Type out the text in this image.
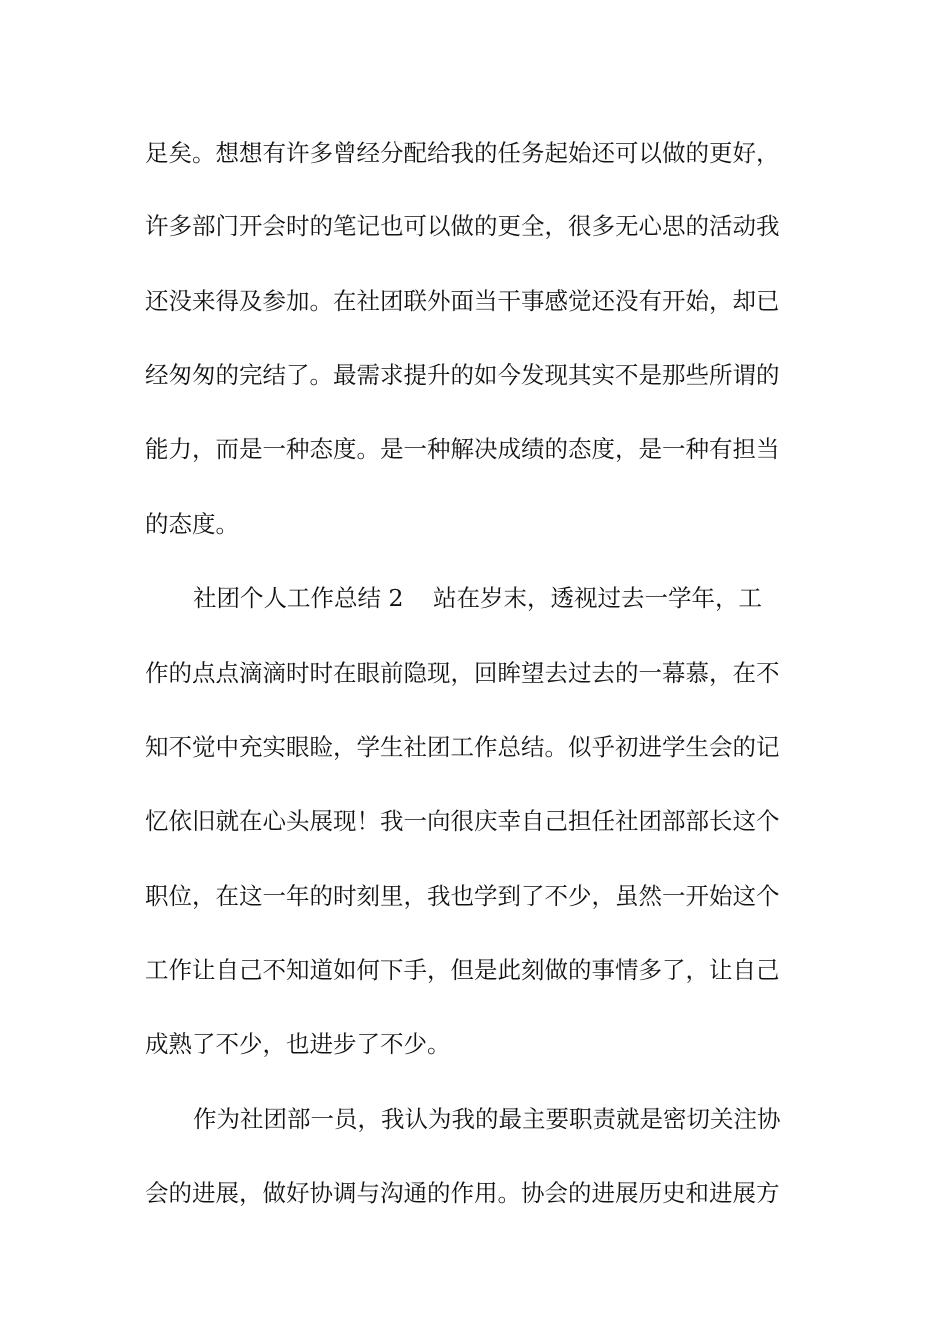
足矣。想想有许多曾经分配给我的任务起始还可以做的更好，
许多部门开会时的笔记也可以做的更全，很多无心思的活动我
还没来得及参加。在社团联外面当干事感觉还没有开始，却已
经匆匆的完结了。最需求提升的如今发现其实不是那些所谓的
能力，而是一种态度。是一种解决成绩的态度，是一种有担当
的态度。
社团个人工作总结 2 站在岁末，透视过去一学年，工
作的点点滴滴时时在眼前隐现，回眸望去过去的一幕慕，在不
知不觉中充实眼睑，学生社团工作总结。似乎初进学生会的记
忆依旧就在心头展现！我一向很庆幸自己担任社团部部长这个
职位，在这一年的时刻里，我也学到了不少，虽然一开始这个
工作让自己不知道如何下手，但是此刻做的事情多了，让自己
成熟了不少，也进步了不少。
作为社团部一员，我认为我的最主要职责就是密切关注协
会的进展，做好协调与沟通的作用。协会的进展历史和进展方
